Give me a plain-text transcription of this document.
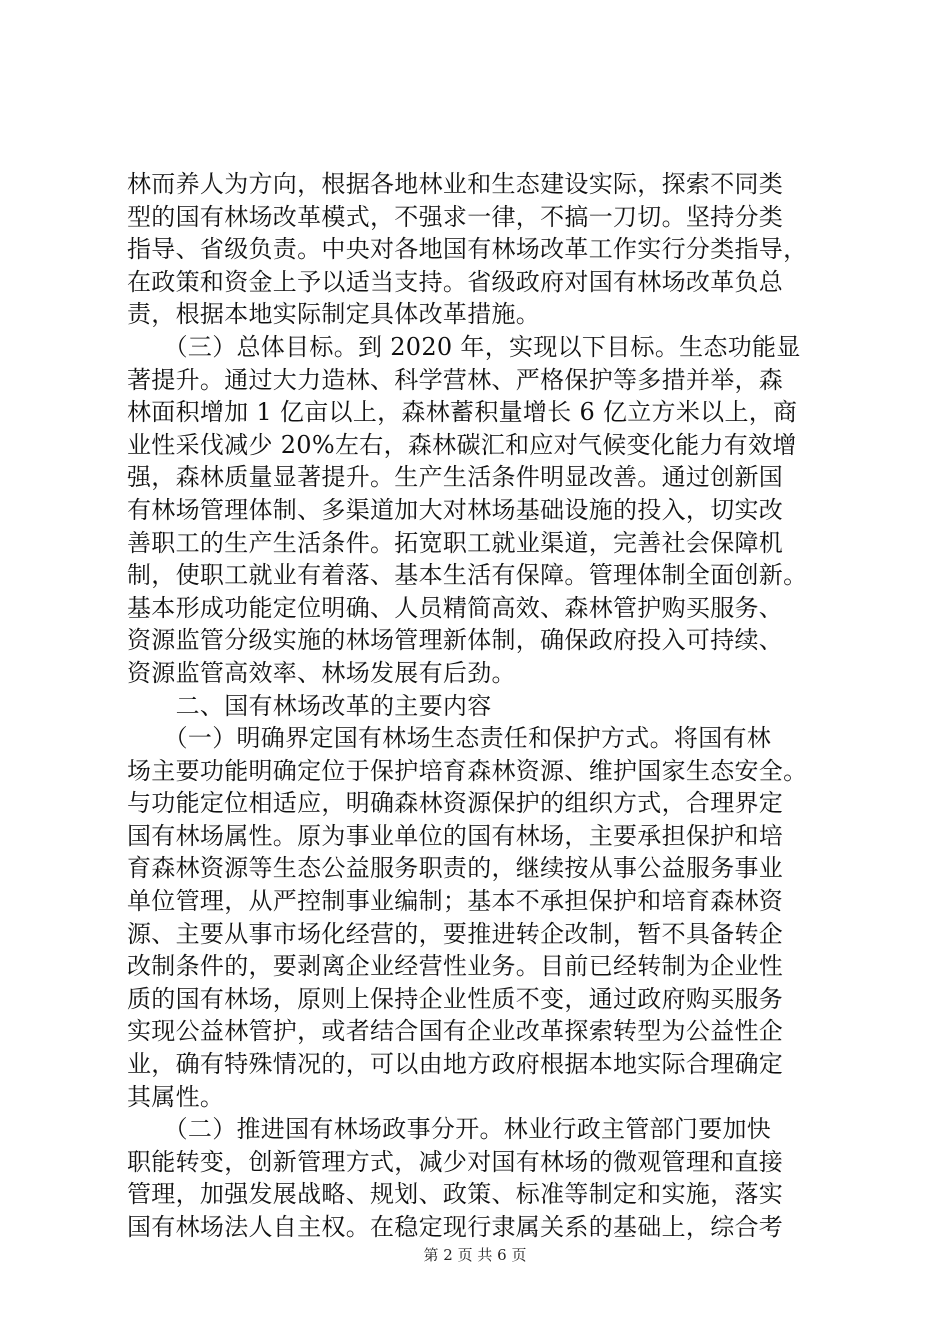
林而养人为方向，根据各地林业和生态建设实际，探索不同类
型的国有林场改革模式，不强求一律，不搞一刀切。坚持分类
指导、省级负责。中央对各地国有林场改革工作实行分类指导，
在政策和资金上予以适当支持。省级政府对国有林场改革负总
责，根据本地实际制定具体改革措施。
　　（三）总体目标。到 2020 年，实现以下目标。生态功能显
著提升。通过大力造林、科学营林、严格保护等多措并举，森
林面积增加 1 亿亩以上，森林蓄积量增长 6 亿立方米以上，商
业性采伐减少 20%左右，森林碳汇和应对气候变化能力有效增
强，森林质量显著提升。生产生活条件明显改善。通过创新国
有林场管理体制、多渠道加大对林场基础设施的投入，切实改
善职工的生产生活条件。拓宽职工就业渠道，完善社会保障机
制，使职工就业有着落、基本生活有保障。管理体制全面创新。
基本形成功能定位明确、人员精简高效、森林管护购买服务、
资源监管分级实施的林场管理新体制，确保政府投入可持续、
资源监管高效率、林场发展有后劲。
　　二、国有林场改革的主要内容
　　（一）明确界定国有林场生态责任和保护方式。将国有林
场主要功能明确定位于保护培育森林资源、维护国家生态安全。
与功能定位相适应，明确森林资源保护的组织方式，合理界定
国有林场属性。原为事业单位的国有林场，主要承担保护和培
育森林资源等生态公益服务职责的，继续按从事公益服务事业
单位管理，从严控制事业编制；基本不承担保护和培育森林资
源、主要从事市场化经营的，要推进转企改制，暂不具备转企
改制条件的，要剥离企业经营性业务。目前已经转制为企业性
质的国有林场，原则上保持企业性质不变，通过政府购买服务
实现公益林管护，或者结合国有企业改革探索转型为公益性企
业，确有特殊情况的，可以由地方政府根据本地实际合理确定
其属性。
　　（二）推进国有林场政事分开。林业行政主管部门要加快
职能转变，创新管理方式，减少对国有林场的微观管理和直接
管理，加强发展战略、规划、政策、标准等制定和实施，落实
国有林场法人自主权。在稳定现行隶属关系的基础上，综合考
第 2 页 共 6 页
